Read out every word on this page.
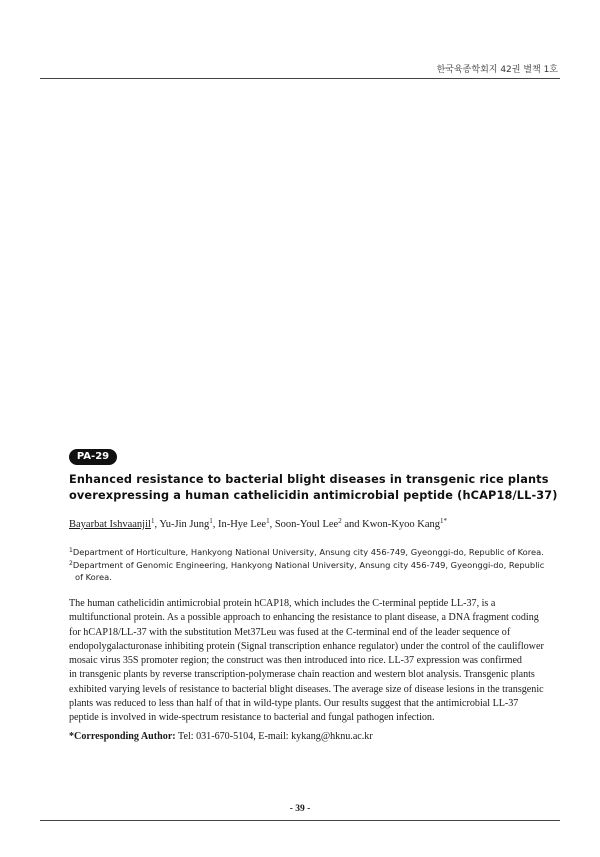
한국육종학회지 42권 별책 1호
PA-29
Enhanced resistance to bacterial blight diseases in transgenic rice plants
overexpressing a human cathelicidin antimicrobial peptide (hCAP18/LL-37)
Bayarbat Ishvaanjil$^1$, Yu-Jin Jung$^1$, In-Hye Lee$^1$, Soon-Youl Lee$^2$ and Kwon-Kyoo Kang$^{1*}$
$^1$Department of Horticulture, Hankyong National University, Ansung city 456-749, Gyeonggi-do, Republic of Korea.
$^2$Department of Genomic Engineering, Hankyong National University, Ansung city 456-749, Gyeonggi-do, Republic of Korea.
The human cathelicidin antimicrobial protein hCAP18, which includes the C-terminal peptide LL-37, is a
multifunctional protein. As a possible approach to enhancing the resistance to plant disease, a DNA fragment coding
for hCAP18/LL-37 with the substitution Met37Leu was fused at the C-terminal end of the leader sequence of
endopolygalacturonase inhibiting protein (Signal transcription enhance regulator) under the control of the cauliflower
mosaic virus 35S promoter region; the construct was then introduced into rice. LL-37 expression was confirmed
in transgenic plants by reverse transcription-polymerase chain reaction and western blot analysis. Transgenic plants
exhibited varying levels of resistance to bacterial blight diseases. The average size of disease lesions in the transgenic
plants was reduced to less than half of that in wild-type plants. Our results suggest that the antimicrobial LL-37
peptide is involved in wide-spectrum resistance to bacterial and fungal pathogen infection.
*Corresponding Author: Tel: 031-670-5104, E-mail: kykang@hknu.ac.kr
- 39 -
